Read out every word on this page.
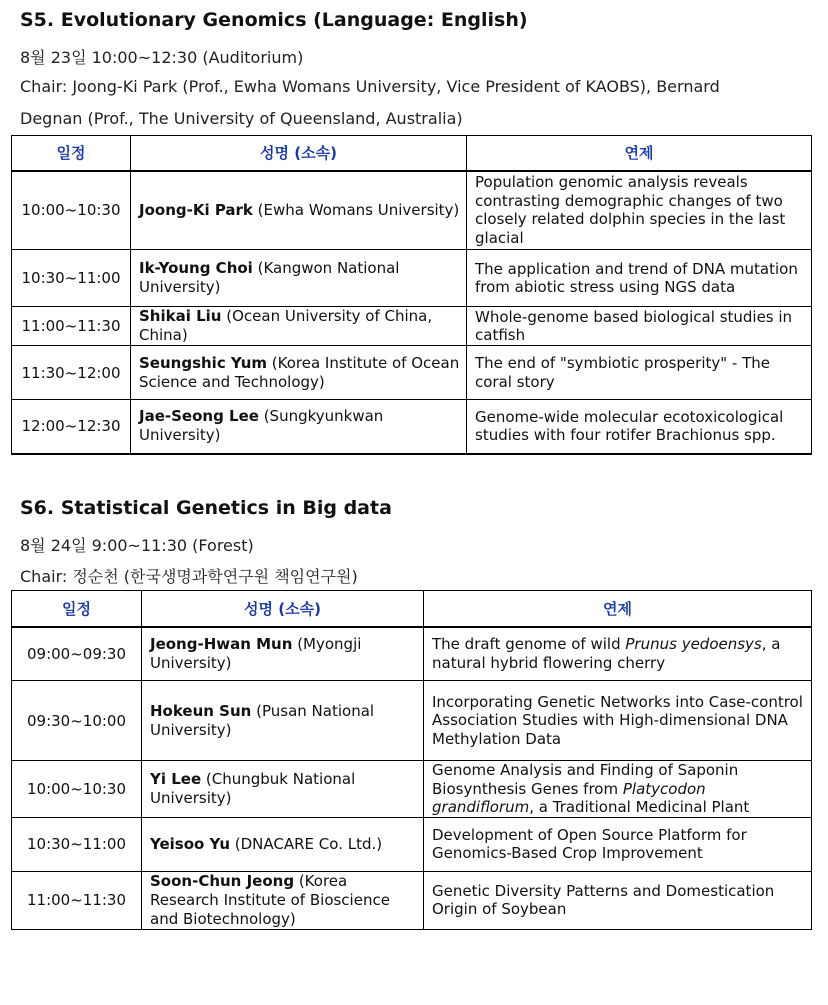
S5. Evolutionary Genomics (Language: English)
8월 23일 10:00~12:30 (Auditorium)
Chair: Joong-Ki Park (Prof., Ewha Womans University, Vice President of KAOBS), Bernard
Degnan (Prof., The University of Queensland, Australia)
일정	성명 (소속)	연제
10:00~10:30	Joong-Ki Park (Ewha Womans University)	Population genomic analysis reveals contrasting demographic changes of two closely related dolphin species in the last glacial
10:30~11:00	Ik-Young Choi (Kangwon National University)	The application and trend of DNA mutation from abiotic stress using NGS data
11:00~11:30	Shikai Liu (Ocean University of China, China)	Whole-genome based biological studies in catfish
11:30~12:00	Seungshic Yum (Korea Institute of Ocean Science and Technology)	The end of "symbiotic prosperity" - The coral story
12:00~12:30	Jae-Seong Lee (Sungkyunkwan University)	Genome-wide molecular ecotoxicological studies with four rotifer Brachionus spp.
S6. Statistical Genetics in Big data
8월 24일 9:00~11:30 (Forest)
Chair: 정순천 (한국생명과학연구원 책임연구원)
일정	성명 (소속)	연제
09:00~09:30	Jeong-Hwan Mun (Myongji University)	The draft genome of wild Prunus yedoensys, a natural hybrid flowering cherry
09:30~10:00	Hokeun Sun (Pusan National University)	Incorporating Genetic Networks into Case-control Association Studies with High-dimensional DNA Methylation Data
10:00~10:30	Yi Lee (Chungbuk National University)	Genome Analysis and Finding of Saponin Biosynthesis Genes from Platycodon grandiflorum, a Traditional Medicinal Plant
10:30~11:00	Yeisoo Yu (DNACARE Co. Ltd.)	Development of Open Source Platform for Genomics-Based Crop Improvement
11:00~11:30	Soon-Chun Jeong (Korea Research Institute of Bioscience and Biotechnology)	Genetic Diversity Patterns and Domestication Origin of Soybean
